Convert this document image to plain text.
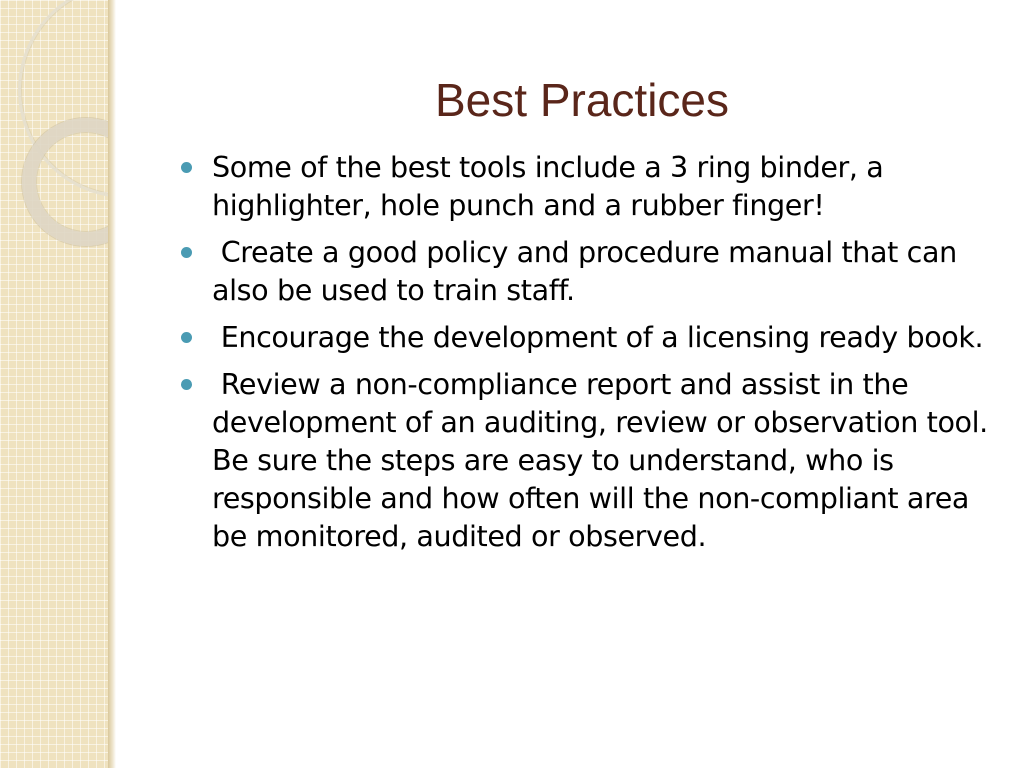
Best Practices
Some of the best tools include a 3 ring binder, a highlighter, hole punch and a rubber finger!
Create a good policy and procedure manual that can also be used to train staff.
Encourage the development of a licensing ready book.
Review a non-compliance report and assist in the  development of an auditing, review or observation tool. Be sure the steps are easy to understand, who is responsible and how often will the non-compliant area be monitored, audited or observed.
